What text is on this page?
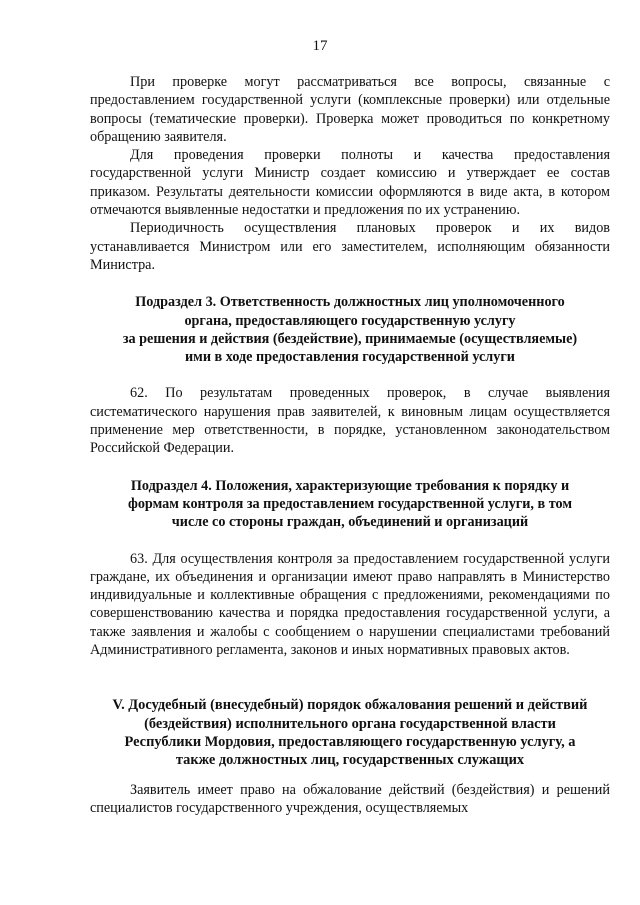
17

При проверке могут рассматриваться все вопросы, связанные с предоставлением государственной услуги (комплексные проверки) или отдельные вопросы (тематические проверки). Проверка может проводиться по конкретному обращению заявителя.

Для проведения проверки полноты и качества предоставления государственной услуги Министр создает комиссию и утверждает ее состав приказом. Результаты деятельности комиссии оформляются в виде акта, в котором отмечаются выявленные недостатки и предложения по их устранению.

Периодичность осуществления плановых проверок и их видов устанавливается Министром или его заместителем, исполняющим обязанности Министра.

Подраздел 3. Ответственность должностных лиц уполномоченного
органа, предоставляющего государственную услугу
за решения и действия (бездействие), принимаемые (осуществляемые)
ими в ходе предоставления государственной услуги

62. По результатам проведенных проверок, в случае выявления систематического нарушения прав заявителей, к виновным лицам осуществляется применение мер ответственности, в порядке, установленном законодательством Российской Федерации.

Подраздел 4. Положения, характеризующие требования к порядку и
формам контроля за предоставлением государственной услуги, в том
числе со стороны граждан, объединений и организаций

63. Для осуществления контроля за предоставлением государственной услуги граждане, их объединения и организации имеют право направлять в Министерство индивидуальные и коллективные обращения с предложениями, рекомендациями по совершенствованию качества и порядка предоставления государственной услуги, а также заявления и жалобы с сообщением о нарушении специалистами требований Административного регламента, законов и иных нормативных правовых актов.

V. Досудебный (внесудебный) порядок обжалования решений и действий
(бездействия) исполнительного органа государственной власти
Республики Мордовия, предоставляющего государственную услугу, а
также должностных лиц, государственных служащих

Заявитель имеет право на обжалование действий (бездействия) и решений специалистов государственного учреждения, осуществляемых
